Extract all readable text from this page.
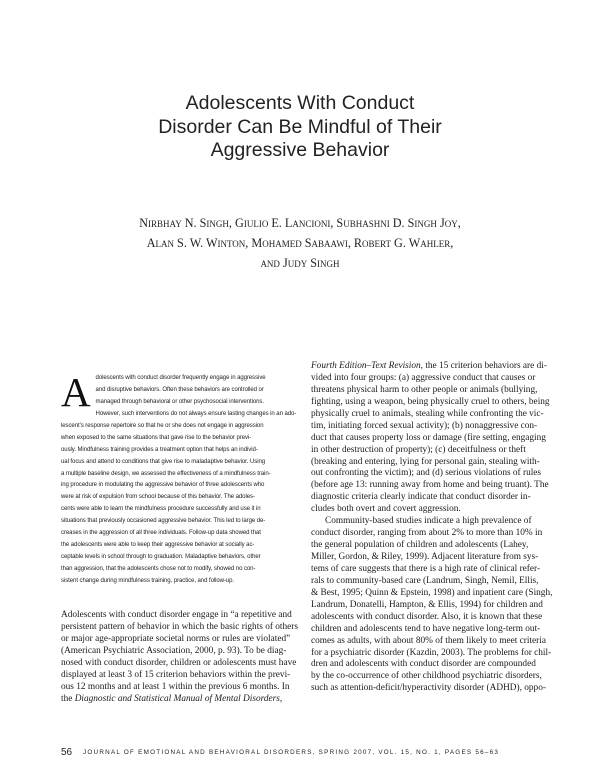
Adolescents With Conduct
Disorder Can Be Mindful of Their
Aggressive Behavior
Nirbhay N. Singh, Giulio E. Lancioni, Subhashni D. Singh Joy,
Alan S. W. Winton, Mohamed Sabaawi, Robert G. Wahler,
and Judy Singh
A dolescents with conduct disorder frequently engage in aggressive
and disruptive behaviors. Often these behaviors are controlled or
managed through behavioral or other psychosocial interventions.
However, such interventions do not always ensure lasting changes in an ado-
lescent’s response repertoire so that he or she does not engage in aggression
when exposed to the same situations that gave rise to the behavior previ-
ously. Mindfulness training provides a treatment option that helps an individ-
ual focus and attend to conditions that give rise to maladaptive behavior. Using
a multiple baseline design, we assessed the effectiveness of a mindfulness train-
ing procedure in modulating the aggressive behavior of three adolescents who
were at risk of expulsion from school because of this behavior. The adoles-
cents were able to learn the mindfulness procedure successfully and use it in
situations that previously occasioned aggressive behavior. This led to large de-
creases in the aggression of all three individuals. Follow-up data showed that
the adolescents were able to keep their aggressive behavior at socially ac-
ceptable levels in school through to graduation. Maladaptive behaviors, other
than aggression, that the adolescents chose not to modify, showed no con-
sistent change during mindfulness training, practice, and follow-up.
Adolescents with conduct disorder engage in “a repetitive and
persistent pattern of behavior in which the basic rights of others
or major age-appropriate societal norms or rules are violated”
(American Psychiatric Association, 2000, p. 93). To be diag-
nosed with conduct disorder, children or adolescents must have
displayed at least 3 of 15 criterion behaviors within the previ-
ous 12 months and at least 1 within the previous 6 months. In
the Diagnostic and Statistical Manual of Mental Disorders,
Fourth Edition–Text Revision, the 15 criterion behaviors are di-
vided into four groups: (a) aggressive conduct that causes or
threatens physical harm to other people or animals (bullying,
fighting, using a weapon, being physically cruel to others, being
physically cruel to animals, stealing while confronting the vic-
tim, initiating forced sexual activity); (b) nonaggressive con-
duct that causes property loss or damage (fire setting, engaging
in other destruction of property); (c) deceitfulness or theft
(breaking and entering, lying for personal gain, stealing with-
out confronting the victim); and (d) serious violations of rules
(before age 13: running away from home and being truant). The
diagnostic criteria clearly indicate that conduct disorder in-
cludes both overt and covert aggression.
Community-based studies indicate a high prevalence of
conduct disorder, ranging from about 2% to more than 10% in
the general population of children and adolescents (Lahey,
Miller, Gordon, & Riley, 1999). Adjacent literature from sys-
tems of care suggests that there is a high rate of clinical refer-
rals to community-based care (Landrum, Singh, Nemil, Ellis,
& Best, 1995; Quinn & Epstein, 1998) and inpatient care (Singh,
Landrum, Donatelli, Hampton, & Ellis, 1994) for children and
adolescents with conduct disorder. Also, it is known that these
children and adolescents tend to have negative long-term out-
comes as adults, with about 80% of them likely to meet criteria
for a psychiatric disorder (Kazdin, 2003). The problems for chil-
dren and adolescents with conduct disorder are compounded
by the co-occurrence of other childhood psychiatric disorders,
such as attention-deficit/hyperactivity disorder (ADHD), oppo-
56 JOURNAL OF EMOTIONAL AND BEHAVIORAL DISORDERS, SPRING 2007, VOL. 15, NO. 1, PAGES 56–63
